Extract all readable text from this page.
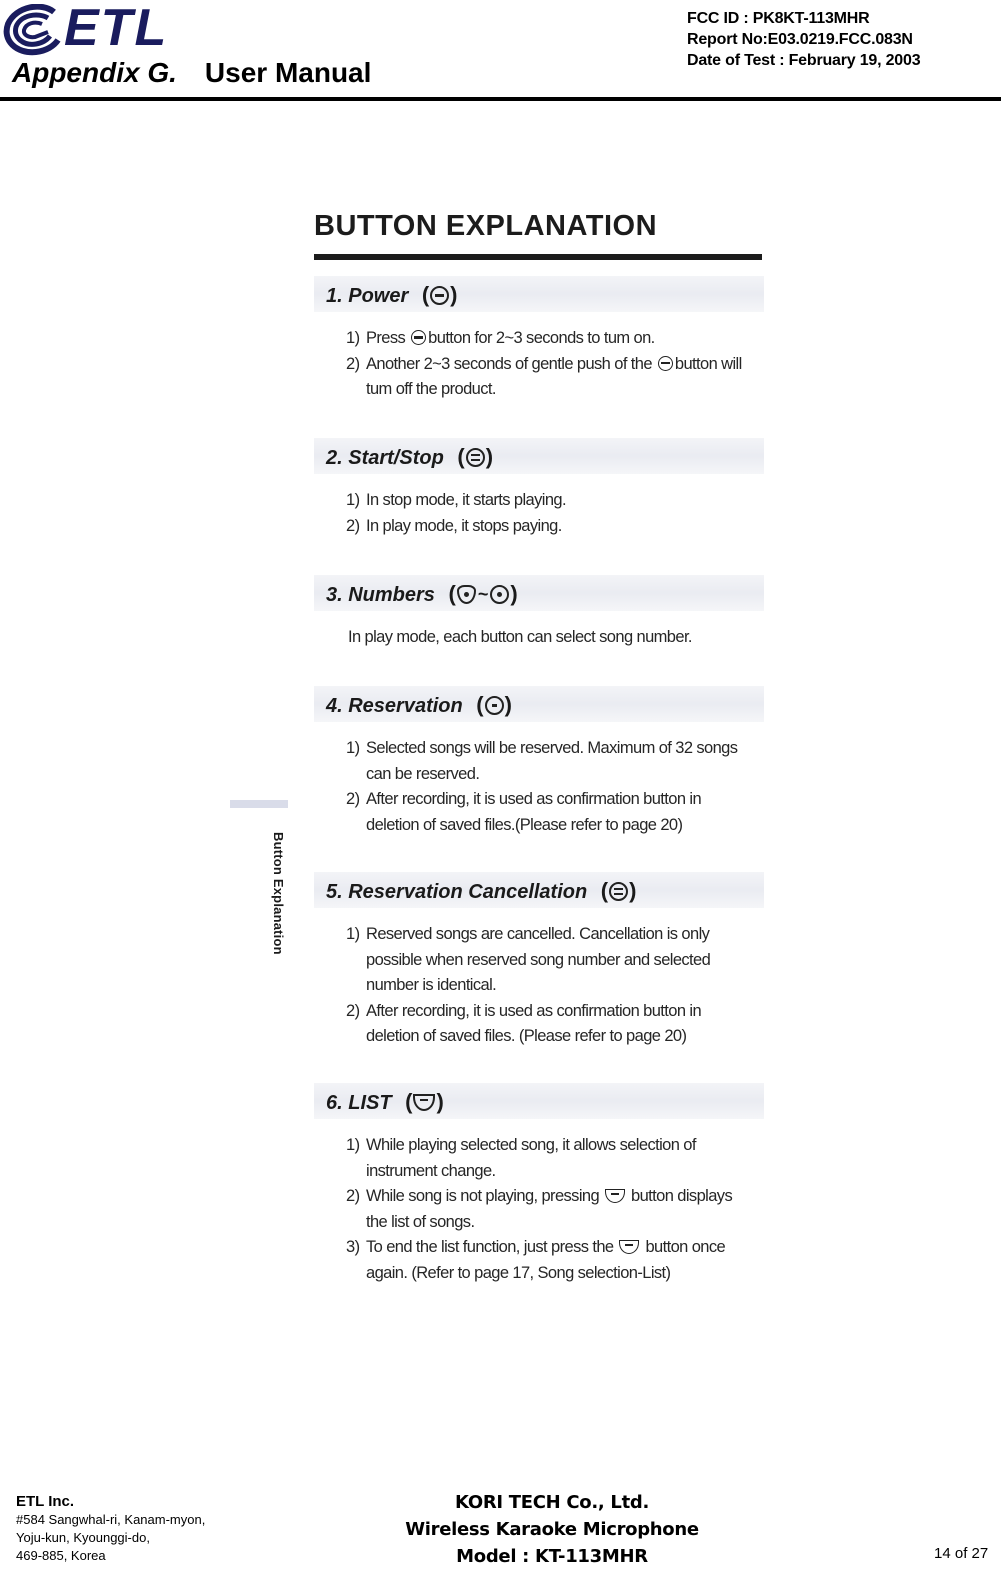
ETL
Appendix G. User Manual
FCC ID : PK8KT-113MHR
Report No:E03.0219.FCC.083N
Date of Test : February 19, 2003
Button Explanation
BUTTON EXPLANATION
1. Power ( )
1) Press button for 2~3 seconds to tum on.
2) Another 2~3 seconds of gentle push of the button will tum off the product.
2. Start/Stop ( )
1) In stop mode, it starts playing.
2) In play mode, it stops paying.
3. Numbers ( ~ )
In play mode, each button can select song number.
4. Reservation ( )
1) Selected songs will be reserved. Maximum of 32 songs can be reserved.
2) After recording, it is used as confirmation button in deletion of saved files.(Please refer to page 20)
5. Reservation Cancellation ( )
1) Reserved songs are cancelled. Cancellation is only possible when reserved song number and selected number is identical.
2) After recording, it is used as confirmation button in deletion of saved files. (Please refer to page 20)
6. LIST ( )
1) While playing selected song, it allows selection of instrument change.
2) While song is not playing, pressing button displays the list of songs.
3) To end the list function, just press the button once again. (Refer to page 17, Song selection-List)
ETL Inc.
#584 Sangwhal-ri, Kanam-myon,
Yoju-kun, Kyounggi-do,
469-885, Korea
KORI TECH Co., Ltd.
Wireless Karaoke Microphone
Model : KT-113MHR	14 of 27
